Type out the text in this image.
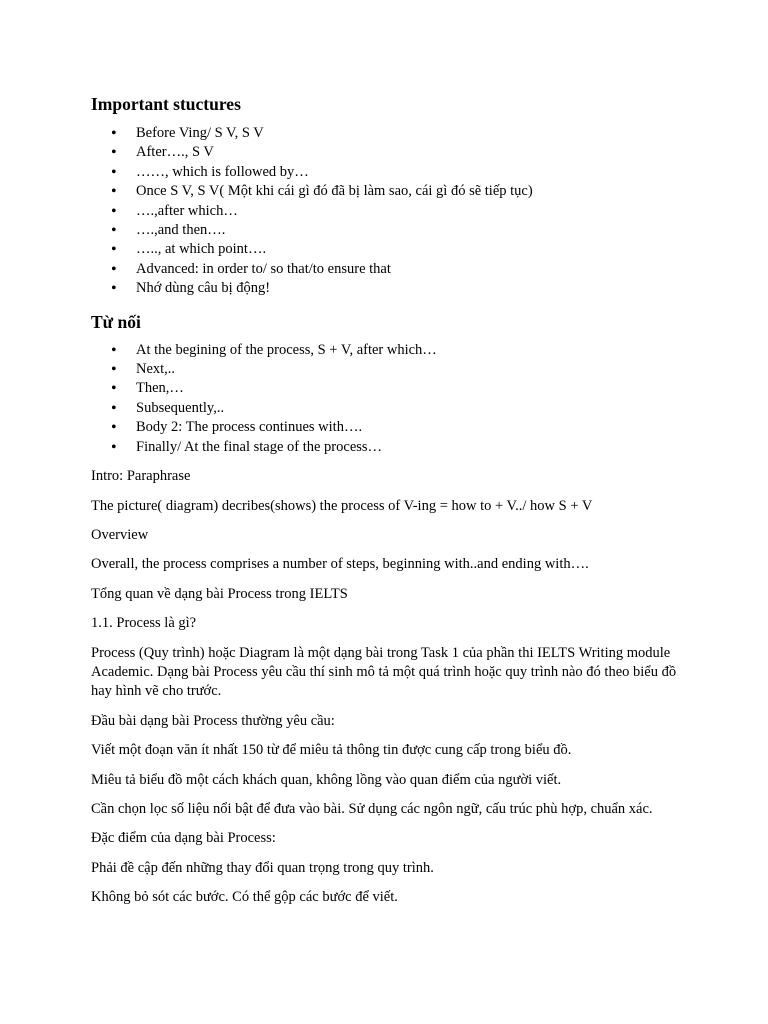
Important stuctures
• Before Ving/ S V, S V
• After…., S V
• ……, which is followed by…
• Once S V, S V( Một khi cái gì đó đã bị làm sao, cái gì đó sẽ tiếp tục)
• ….,after which…
• ….,and then….
• ….., at which point….
• Advanced: in order to/ so that/to ensure that
• Nhớ dùng câu bị động!
Từ nối
• At the begining of the process, S + V, after which…
• Next,..
• Then,…
• Subsequently,..
• Body 2: The process continues with….
• Finally/ At the final stage of the process…

Intro: Paraphrase

The picture( diagram) decribes(shows) the process of V-ing = how to + V../ how S + V

Overview

Overall, the process comprises a number of steps, beginning with..and ending with….

Tổng quan về dạng bài Process trong IELTS

1.1. Process là gì?

Process (Quy trình) hoặc Diagram là một dạng bài trong Task 1 của phần thi IELTS Writing module Academic. Dạng bài Process yêu cầu thí sinh mô tả một quá trình hoặc quy trình nào đó theo biểu đồ hay hình vẽ cho trước.

Đầu bài dạng bài Process thường yêu cầu:

Viết một đoạn văn ít nhất 150 từ để miêu tả thông tin được cung cấp trong biểu đồ.

Miêu tả biểu đồ một cách khách quan, không lồng vào quan điểm của người viết.

Cần chọn lọc số liệu nổi bật để đưa vào bài. Sử dụng các ngôn ngữ, cấu trúc phù hợp, chuẩn xác.

Đặc điểm của dạng bài Process:

Phải đề cập đến những thay đổi quan trọng trong quy trình.

Không bỏ sót các bước. Có thể gộp các bước để viết.
